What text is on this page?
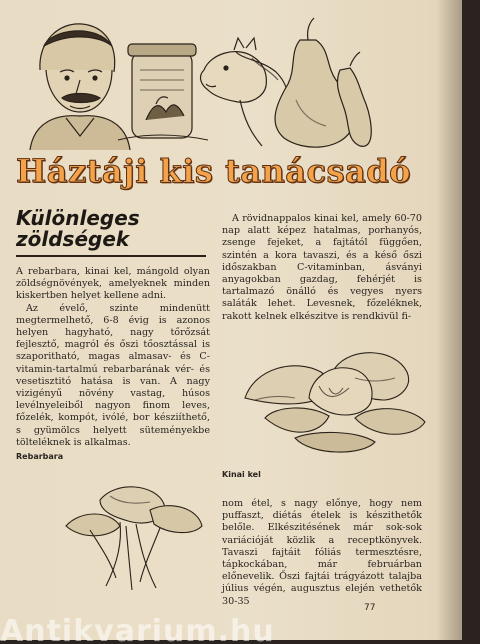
Háztáji kis tanácsadó
Különleges
zöldségek

A rebarbara, kinai kel, mángold olyan zöldségnövények, amelyeknek minden kiskertben helyet kellene adni.

Az évelő, szinte mindenütt megtermelhető, 6-8 évig is azonos helyen hagyható, nagy tőrőzsát fejlesztő, magról és őszi tőosztással is szaporitható, magas almasav- és C-vitamin-tartalmú rebarbarának vér- és vesetisztitó hatása is van. A nagy vizigényű növény vastag, húsos levélnyeleiből nagyon finom leves, főzelék, kompót, ivólé, bor késziíthető, s gyümölcs helyett süteményekbe tölteléknek is alkalmas.

A rövidnappalos kinai kel, amely 60-70 nap alatt képez hatalmas, porhanyós, zsenge fejeket, a fajtától függően, szintén a kora tavaszi, és a késő őszi időszakban C-vitaminban, ásványi anyagokban gazdag, fehérjét is tartalmazó önálló és vegyes nyers saláták lehet. Levesnek, főzeléknek, rakott kelnek elkészitve is rendkivül fi-

Rebarbara
Kinai kel

nom étel, s nagy előnye, hogy nem puffaszt, diétás ételek is készithetők belőle. Elkészitésének már sok-sok variációját közlik a receptkönyvek. Tavaszi fajtáit fóliás termesztésre, tápkockában, már februárban előnevelik. Őszi fajtái trágyázott talajba július végén, augusztus elején vethetők 30-35

77
Antikvarium.hu
